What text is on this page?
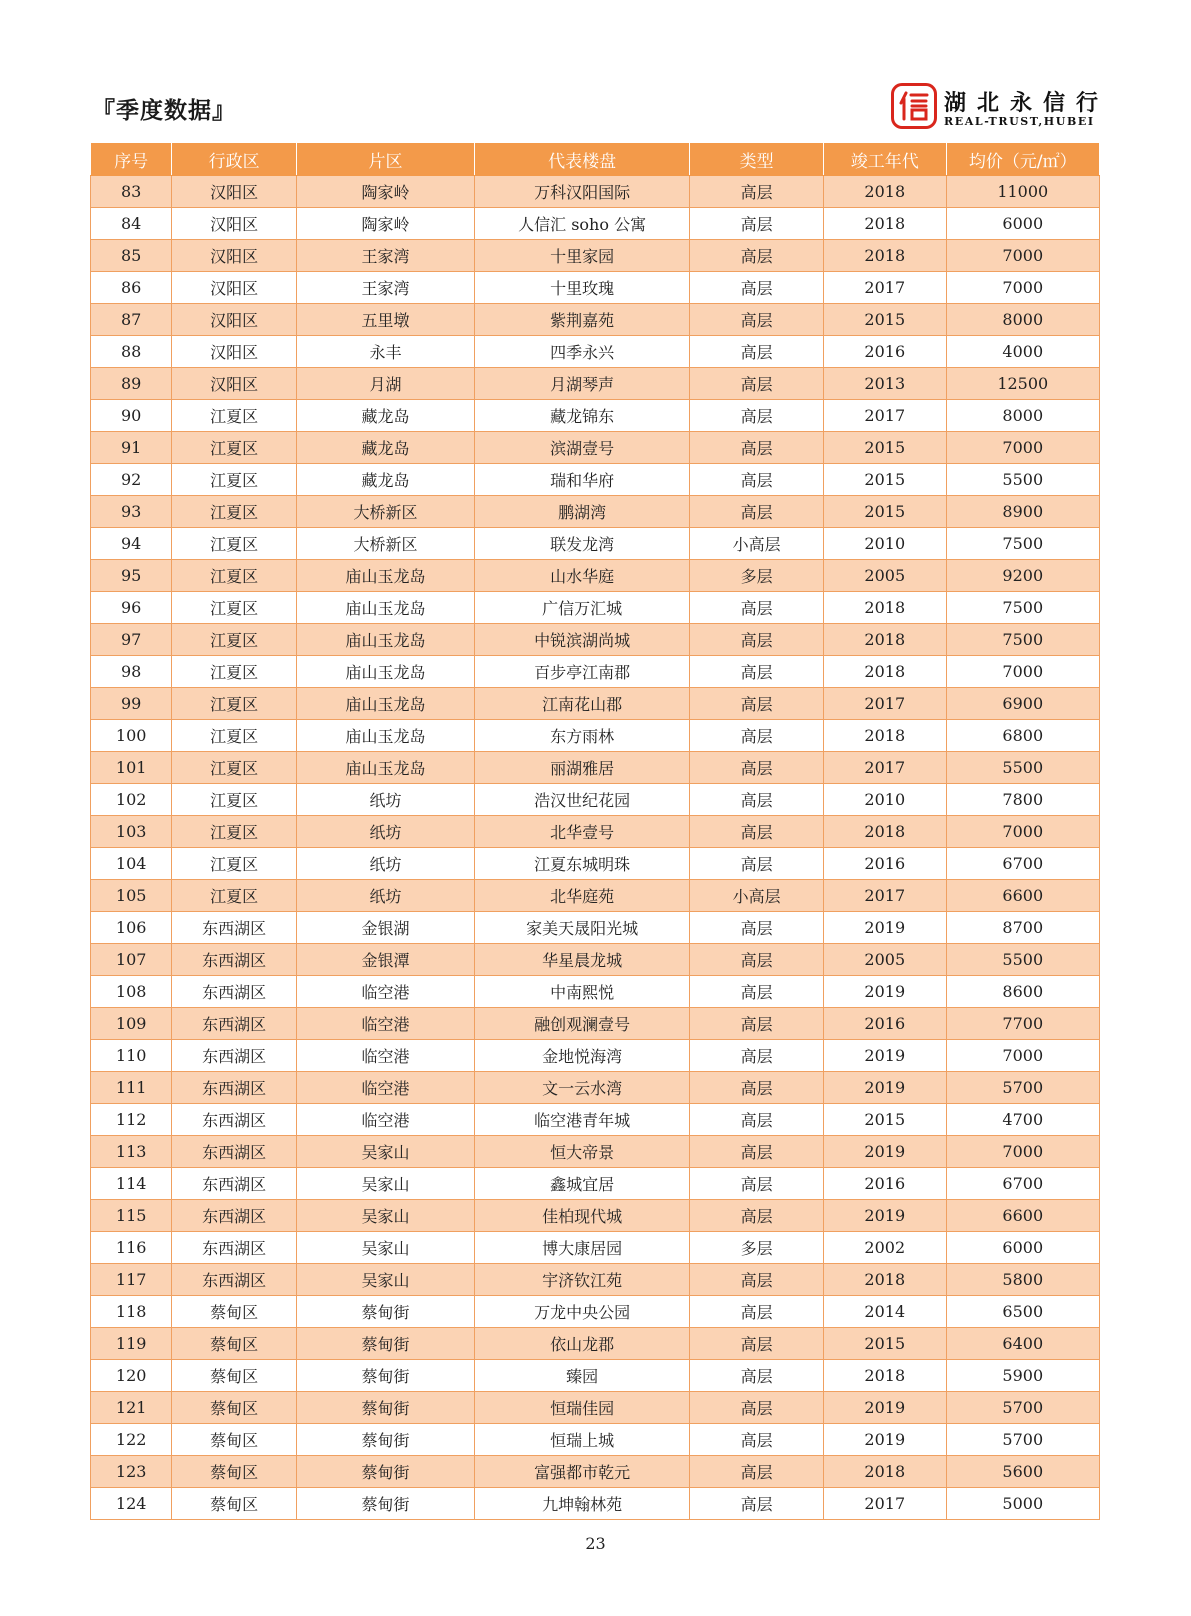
『季度数据』	湖北永信行
REAL-TRUST,HUBEI
序号	行政区	片区	代表楼盘	类型	竣工年代	均价（元/㎡）
83	汉阳区	陶家岭	万科汉阳国际	高层	2018	11000
84	汉阳区	陶家岭	人信汇 soho 公寓	高层	2018	6000
85	汉阳区	王家湾	十里家园	高层	2018	7000
86	汉阳区	王家湾	十里玫瑰	高层	2017	7000
87	汉阳区	五里墩	紫荆嘉苑	高层	2015	8000
88	汉阳区	永丰	四季永兴	高层	2016	4000
89	汉阳区	月湖	月湖琴声	高层	2013	12500
90	江夏区	藏龙岛	藏龙锦东	高层	2017	8000
91	江夏区	藏龙岛	滨湖壹号	高层	2015	7000
92	江夏区	藏龙岛	瑞和华府	高层	2015	5500
93	江夏区	大桥新区	鹏湖湾	高层	2015	8900
94	江夏区	大桥新区	联发龙湾	小高层	2010	7500
95	江夏区	庙山玉龙岛	山水华庭	多层	2005	9200
96	江夏区	庙山玉龙岛	广信万汇城	高层	2018	7500
97	江夏区	庙山玉龙岛	中锐滨湖尚城	高层	2018	7500
98	江夏区	庙山玉龙岛	百步亭江南郡	高层	2018	7000
99	江夏区	庙山玉龙岛	江南花山郡	高层	2017	6900
100	江夏区	庙山玉龙岛	东方雨林	高层	2018	6800
101	江夏区	庙山玉龙岛	丽湖雅居	高层	2017	5500
102	江夏区	纸坊	浩汉世纪花园	高层	2010	7800
103	江夏区	纸坊	北华壹号	高层	2018	7000
104	江夏区	纸坊	江夏东城明珠	高层	2016	6700
105	江夏区	纸坊	北华庭苑	小高层	2017	6600
106	东西湖区	金银湖	家美天晟阳光城	高层	2019	8700
107	东西湖区	金银潭	华星晨龙城	高层	2005	5500
108	东西湖区	临空港	中南熙悦	高层	2019	8600
109	东西湖区	临空港	融创观澜壹号	高层	2016	7700
110	东西湖区	临空港	金地悦海湾	高层	2019	7000
111	东西湖区	临空港	文一云水湾	高层	2019	5700
112	东西湖区	临空港	临空港青年城	高层	2015	4700
113	东西湖区	吴家山	恒大帝景	高层	2019	7000
114	东西湖区	吴家山	鑫城宜居	高层	2016	6700
115	东西湖区	吴家山	佳柏现代城	高层	2019	6600
116	东西湖区	吴家山	博大康居园	多层	2002	6000
117	东西湖区	吴家山	宇济钦江苑	高层	2018	5800
118	蔡甸区	蔡甸街	万龙中央公园	高层	2014	6500
119	蔡甸区	蔡甸街	依山龙郡	高层	2015	6400
120	蔡甸区	蔡甸街	臻园	高层	2018	5900
121	蔡甸区	蔡甸街	恒瑞佳园	高层	2019	5700
122	蔡甸区	蔡甸街	恒瑞上城	高层	2019	5700
123	蔡甸区	蔡甸街	富强都市乾元	高层	2018	5600
124	蔡甸区	蔡甸街	九坤翰林苑	高层	2017	5000
23
